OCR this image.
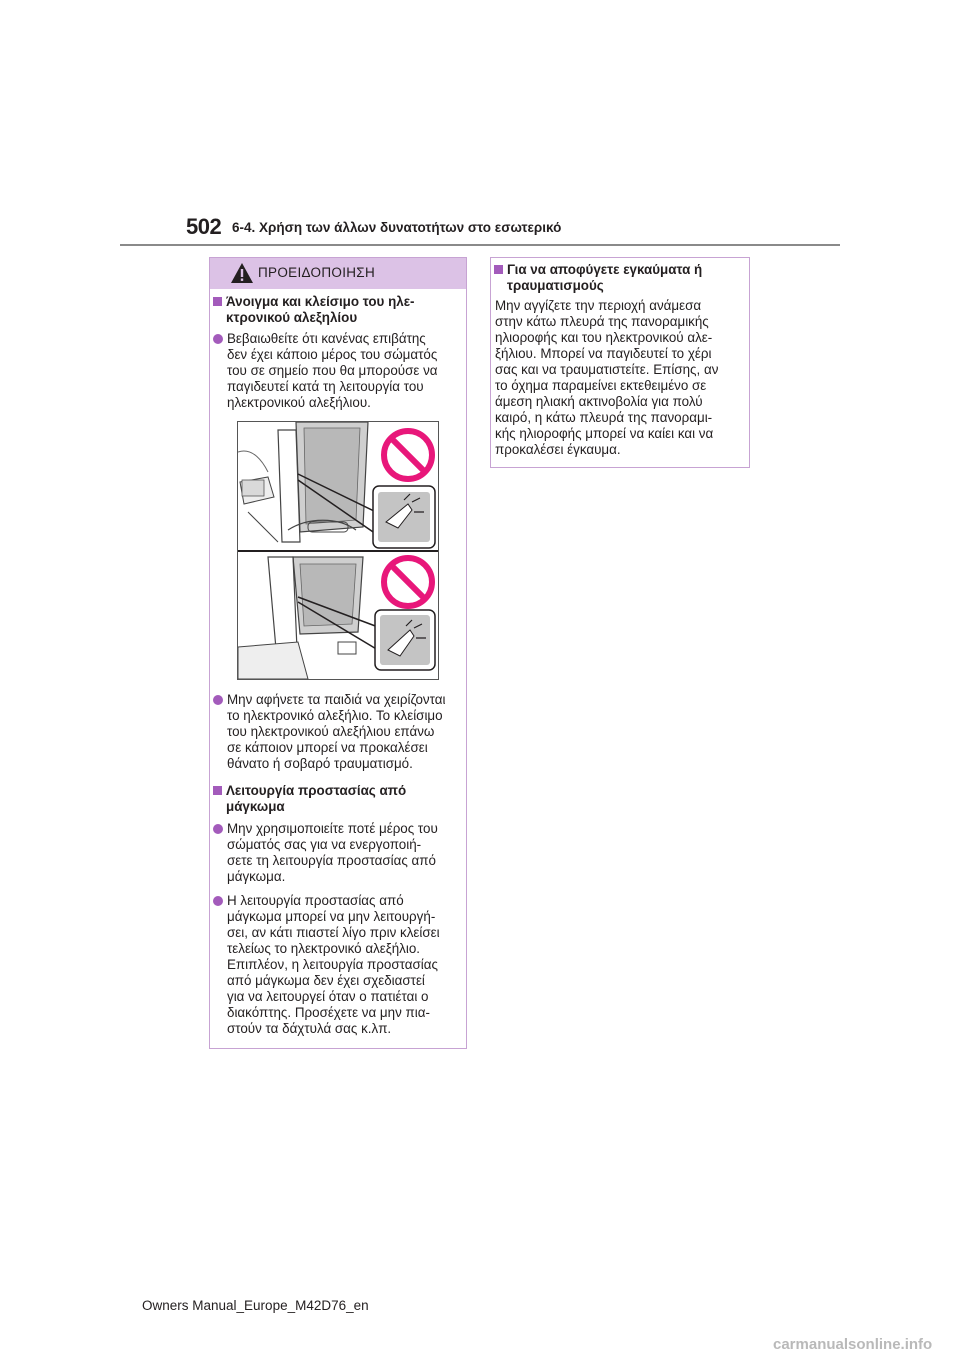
502 6-4. Χρήση των άλλων δυνατοτήτων στο εσωτερικό
ΠΡΟΕΙΔΟΠΟΙΗΣΗ
Άνοιγμα και κλείσιμο του ηλε-
κτρονικού αλεξηλίου
Βεβαιωθείτε ότι κανένας επιβάτης
δεν έχει κάποιο μέρος του σώματός
του σε σημείο που θα μπορούσε να
παγιδευτεί κατά τη λειτουργία του
ηλεκτρονικού αλεξήλιου.
Μην αφήνετε τα παιδιά να χειρίζονται
το ηλεκτρονικό αλεξήλιο. Το κλείσιμο
του ηλεκτρονικού αλεξήλιου επάνω
σε κάποιον μπορεί να προκαλέσει
θάνατο ή σοβαρό τραυματισμό.
Λειτουργία προστασίας από
μάγκωμα
Μην χρησιμοποιείτε ποτέ μέρος του
σώματός σας για να ενεργοποιή-
σετε τη λειτουργία προστασίας από
μάγκωμα.
Η λειτουργία προστασίας από
μάγκωμα μπορεί να μην λειτουργή-
σει, αν κάτι πιαστεί λίγο πριν κλείσει
τελείως το ηλεκτρονικό αλεξήλιο.
Επιπλέον, η λειτουργία προστασίας
από μάγκωμα δεν έχει σχεδιαστεί
για να λειτουργεί όταν ο πατιέται ο
διακόπτης. Προσέχετε να μην πια-
στούν τα δάχτυλά σας κ.λπ.
Για να αποφύγετε εγκαύματα ή
τραυματισμούς
Μην αγγίζετε την περιοχή ανάμεσα
στην κάτω πλευρά της πανοραμικής
ηλιοροφής και του ηλεκτρονικού αλε-
ξήλιου. Μπορεί να παγιδευτεί το χέρι
σας και να τραυματιστείτε. Επίσης, αν
το όχημα παραμείνει εκτεθειμένο σε
άμεση ηλιακή ακτινοβολία για πολύ
καιρό, η κάτω πλευρά της πανοραμι-
κής ηλιοροφής μπορεί να καίει και να
προκαλέσει έγκαυμα.
Owners Manual_Europe_M42D76_en
carmanualsonline.info
